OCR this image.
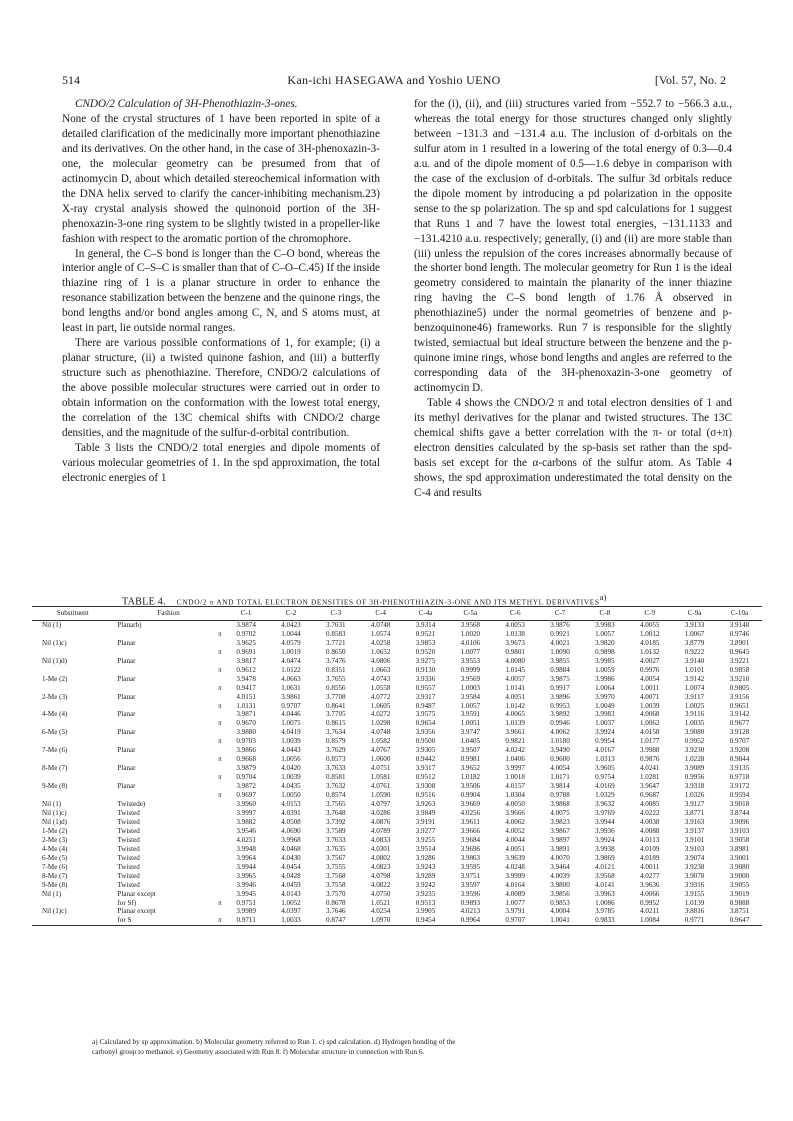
514	Kan-ichi HASEGAWA and Yoshio UENO	[Vol. 57, No. 2
CNDO/2 Calculation of 3H-Phenothiazin-3-ones.

None of the crystal structures of 1 have been reported in spite of a detailed clarification of the medicinally more important phenothiazine and its derivatives. On the other hand, in the case of 3H-phenoxazin-3-one, the molecular geometry can be presumed from that of actinomycin D, about which detailed stereochemical information with the DNA helix served to clarify the cancer-inhibiting mechanism.23) X-ray crystal analysis showed the quinonoid portion of the 3H-phenoxazin-3-one ring system to be slightly twisted in a propeller-like fashion with respect to the aromatic portion of the chromophore.

In general, the C–S bond is longer than the C–O bond, whereas the interior angle of C–S–C is smaller than that of C–O–C.45) If the inside thiazine ring of 1 is a planar structure in order to enhance the resonance stabilization between the benzene and the quinone rings, the bond lengths and/or bond angles among C, N, and S atoms must, at least in part, lie outside normal ranges.

There are various possible conformations of 1, for example; (i) a planar structure, (ii) a twisted quinone fashion, and (iii) a butterfly structure such as phenothiazine. Therefore, CNDO/2 calculations of the above possible molecular structures were carried out in order to obtain information on the conformation with the lowest total energy, the correlation of the 13C chemical shifts with CNDO/2 charge densities, and the magnitude of the sulfur-d-orbital contribution.

Table 3 lists the CNDO/2 total energies and dipole moments of various molecular geometries of 1. In the spd approximation, the total electronic energies of 1

for the (i), (ii), and (iii) structures varied from −552.7 to −566.3 a.u., whereas the total energy for those structures changed only slightly between −131.3 and −131.4 a.u. The inclusion of d-orbitals on the sulfur atom in 1 resulted in a lowering of the total energy of 0.3—0.4 a.u. and of the dipole moment of 0.5—1.6 debye in comparison with the case of the exclusion of d-orbitals. The sulfur 3d orbitals reduce the dipole moment by introducing a pd polarization in the opposite sense to the sp polarization. The sp and spd calculations for 1 suggest that Runs 1 and 7 have the lowest total energies, −131.1133 and −131.4210 a.u. respectively; generally, (i) and (ii) are more stable than (iii) unless the repulsion of the cores increases abnormally because of the shorter bond length. The molecular geometry for Run 1 is the ideal geometry considered to maintain the planarity of the inner thiazine ring having the C–S bond length of 1.76 Å observed in phenothiazine5) under the normal geometries of benzene and p-benzoquinone46) frameworks. Run 7 is responsible for the slightly twisted, semiactual but ideal structure between the benzene and the p-quinone imine rings, whose bond lengths and angles are referred to the corresponding data of the 3H-phenoxazin-3-one geometry of actinomycin D.

Table 4 shows the CNDO/2 π and total electron densities of 1 and its methyl derivatives for the planar and twisted structures. The 13C chemical shifts gave a better correlation with the π- or total (σ+π) electron densities calculated by the sp-basis set rather than the spd-basis set except for the α-carbons of the sulfur atom. As Table 4 shows, the spd approximation underestimated the total density on the C-4 and results

TABLE 4. CNDO/2 π AND TOTAL ELECTRON DENSITIES OF 3H-PHENOTHIAZIN-3-ONE AND ITS METHYL DERIVATIVES$^{a)}$
Substituent	Fashion		C-1	C-2	C-3	C-4	C-4a	C-5a	C-6	C-7	C-8	C-9	C-9a	C-10a
Nil (1)	Planarb)		3.9874	4.0423	3.7631	4.0748	3.9314	3.9568	4.0053	3.9876	3.9983	4.0055	3.9133	3.9148
		π	0.9702	1.0044	0.8583	1.0574	0.9521	1.0020	1.0138	0.9921	1.0057	1.0012	1.0067	0.9746
Nil (1)c)	Planar		3.9625	4.0579	3.7721	4.0258	3.9853	4.0106	3.9673	4.0021	3.9820	4.0185	3.8779	3.8901
		π	0.9691	1.0019	0.8650	1.0652	0.9520	1.0077	0.9801	1.0090	0.9898	1.0132	0.9222	0.9645
Nil (1)d)	Planar		3.9817	4.0474	3.7476	4.0806	3.9275	3.9553	4.0080	3.9855	3.9985	4.0027	3.9140	3.9221
		π	0.9612	1.0122	0.8351	1.0663	0.9130	0.9999	1.0145	0.9884	1.0059	0.9976	1.0101	0.9858
1-Me (2)	Planar		3.9478	4.0663	3.7655	4.0743	3.9336	3.9569	4.0057	3.9875	3.9986	4.0054	3.9142	3.9210
		π	0.9417	1.0631	0.8556	1.0558	0.9557	1.0003	1.0141	0.9917	1.0064	1.0011	1.0074	0.9805
2-Me (3)	Planar		4.0151	3.9861	3.7708	4.0772	3.9317	3.9584	4.0051	3.9896	3.9970	4.0071	3.9117	3.9156
		π	1.0131	0.9707	0.8641	1.0605	0.9487	1.0057	1.0142	0.9953	1.0049	1.0039	1.0025	0.9651
4-Me (4)	Planar		3.9871	4.0446	3.7705	4.0272	3.9575	3.9591	4.0065	3.9892	3.9983	4.0068	3.9116	3.9142
		π	0.9670	1.0075	0.8615	1.0298	0.9654	1.0051	1.0139	0.9946	1.0037	1.0062	1.0035	0.9677
6-Me (5)	Planar		3.9880	4.0419	3.7634	4.0748	3.9356	3.9747	3.9661	4.0062	3.9924	4.0158	3.9080	3.9128
		π	0.9703	1.0039	0.8579	1.0582	0.9500	1.0405	0.9821	1.0180	0.9954	1.0177	0.9952	0.9707
7-Me (6)	Planar		3.9866	4.0443	3.7629	4.0767	3.9305	3.9507	4.0242	3.9490	4.0167	3.9988	3.9230	3.9208
		π	0.9668	1.0056	0.8573	1.0600	0.9442	0.9981	1.0406	0.9600	1.0313	0.9876	1.0228	0.9844
8-Me (7)	Planar		3.9879	4.0420	3.7633	4.0751	3.9317	3.9652	3.9997	4.0054	3.9605	4.0241	3.9089	3.9135
		π	0.9704	1.0039	0.8581	1.0581	0.9512	1.0182	1.0018	1.0171	0.9754	1.0281	0.9956	0.9718
9-Me (8)	Planar		3.9872	4.0435	3.7632	4.0761	3.9308	3.9506	4.0157	3.9814	4.0169	3.9647	3.9318	3.9172
		π	0.9697	1.0050	0.8574	1.0590	0.9516	0.9904	1.0304	0.9788	1.0329	0.9687	1.0326	0.9594
Nil (1)	Twistede)		3.9960	4.0153	3.7565	4.0797	3.9263	3.9669	4.0050	3.9868	3.9632	4.0085	3.9127	3.9018
Nil (1)c)	Twisted		3.9997	4.0391	3.7648	4.0286	3.9849	4.0256	3.9666	4.0075	3.9769	4.0222	3.8771	3.8744
Nil (1)d)	Twisted		3.9882	4.0508	3.7392	4.0876	3.9191	3.9611	4.0062	3.9823	3.9944	4.0038	3.9163	3.9096
1-Me (2)	Twisted		3.9546	4.0690	3.7589	4.0789	3.9277	3.9666	4.0052	3.9867	3.9936	4.0088	3.9137	3.9103
2-Me (3)	Twisted		4.0251	3.9968	3.7633	4.0833	3.9255	3.9684	4.0044	3.9897	3.9924	4.0113	3.9101	3.9058
4-Me (4)	Twisted		3.9948	4.0468	3.7635	4.0301	3.9514	3.9696	4.0051	3.9891	3.9938	4.0109	3.9103	3.8981
6-Me (5)	Twisted		3.9964	4.0430	3.7567	4.0802	3.9286	3.9863	3.9639	4.0070	3.9869	4.0189	3.9074	3.9001
7-Me (6)	Twisted		3.9944	4.0454	3.7555	4.0823	3.9243	3.9595	4.0248	3.9464	4.0121	4.0011	3.9238	3.9080
8-Me (7)	Twisted		3.9965	4.0428	3.7568	4.0798	3.9289	3.9751	3.9999	4.0039	3.9568	4.0277	3.9078	3.9000
9-Me (8)	Twisted		3.9946	4.0459	3.7558	4.0822	3.9242	3.9597	4.0164	3.9800	4.0141	3.9636	3.9316	3.9055
Nil (1)	Planar except		3.9945	4.0143	3.7570	4.0750	3.9235	3.9596	4.0089	3.9856	3.9963	4.0066	3.9155	3.9019
	for Sf)	π	0.9751	1.0052	0.8678	1.0521	0.9513	0.9893	1.0077	0.9853	1.0086	0.9952	1.0139	0.9888
Nil (1)c)	Planar except		3.9989	4.0397	3.7646	4.0254	3.9905	4.0213	3.9791	4.0004	3.9785	4.0211	3.8816	3.8751
	for S	π	0.9711	1.0033	0.8747	1.0970	0.9454	0.9964	0.9707	1.0041	0.9833	1.0084	0.9771	0.9647
a) Calculated by sp approximation. b) Molecular geometry referred to Run 1. c) spd calculation. d) Hydrogen bonding of the
carbonyl group to methanol. e) Geometry associated with Run 8. f) Molecular structure in connection with Run 6.
